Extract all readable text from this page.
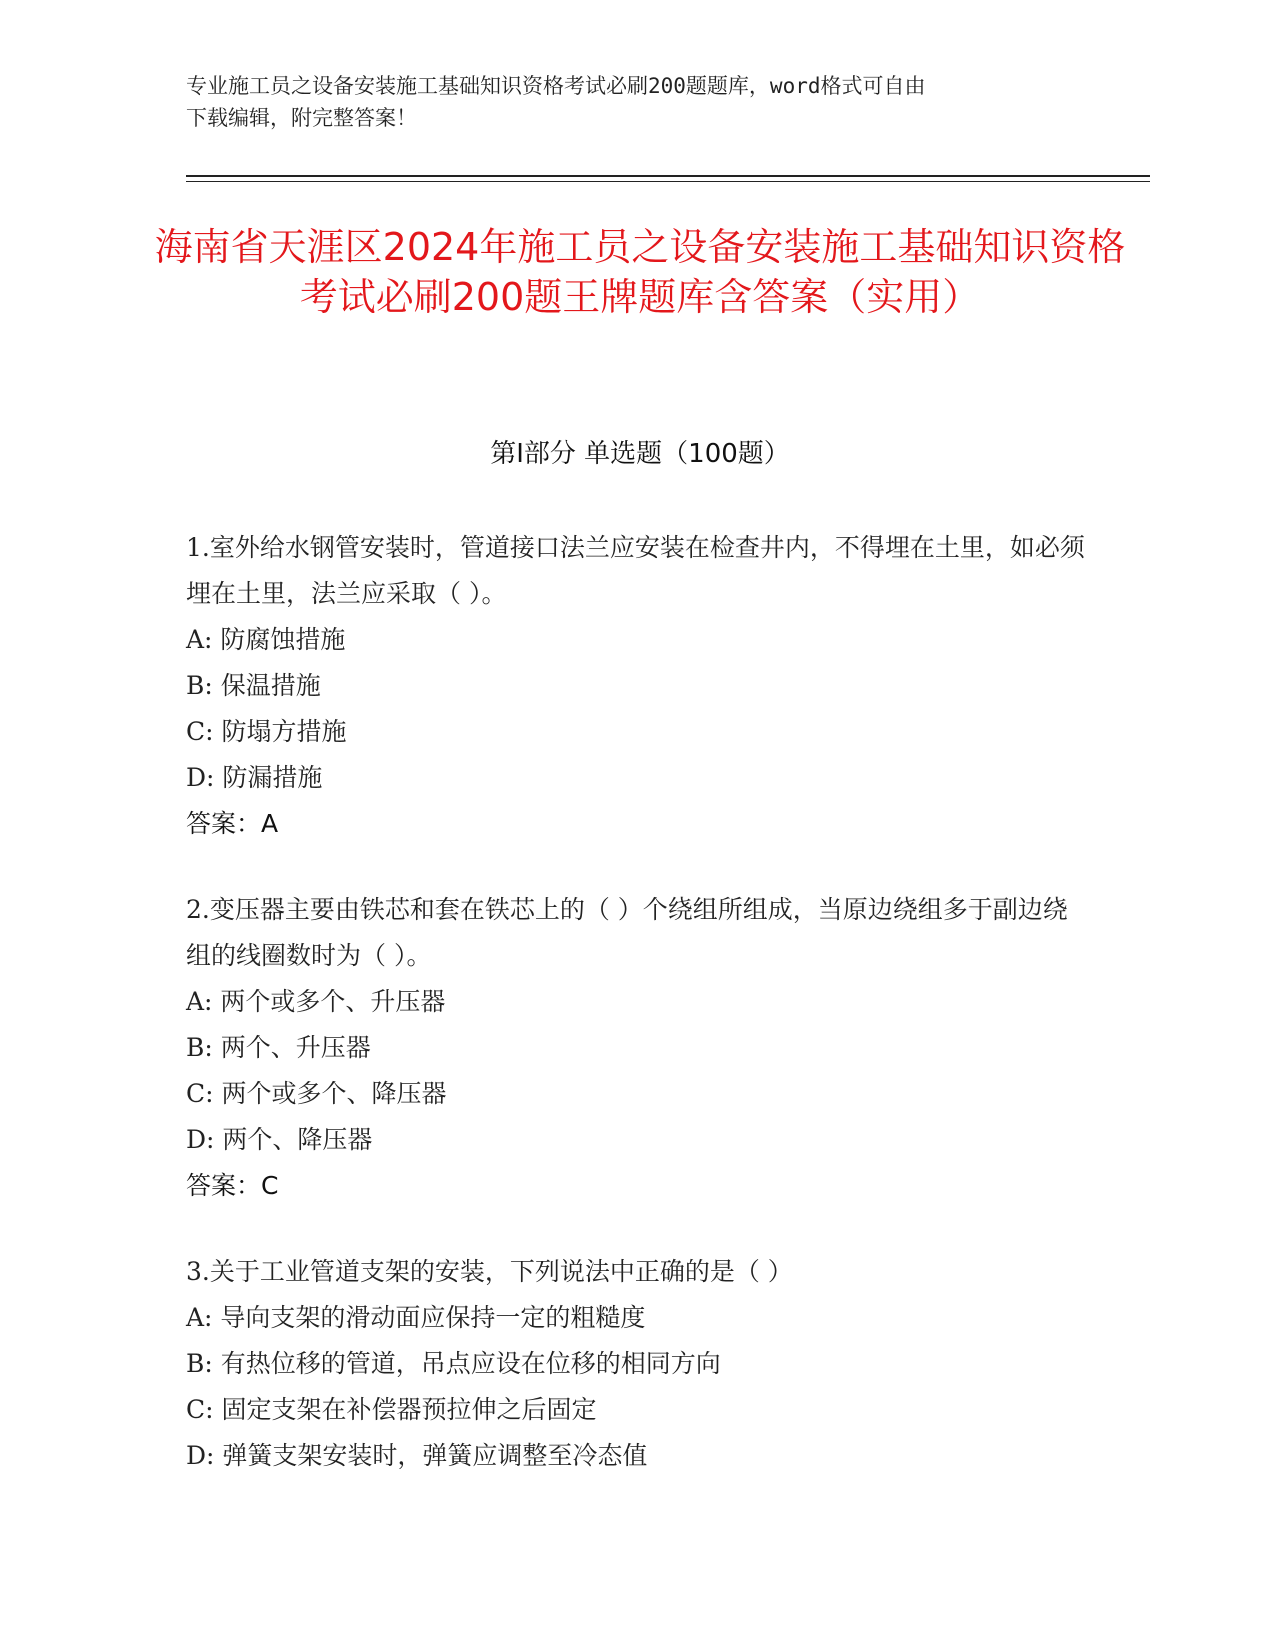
专业施工员之设备安装施工基础知识资格考试必刷200题题库，word格式可自由
下载编辑，附完整答案！
海南省天涯区2024年施工员之设备安装施工基础知识资格考试必刷200题王牌题库含答案（实用）
第I部分 单选题（100题）

1.室外给水钢管安装时，管道接口法兰应安装在检查井内，不得埋在土里，如必须埋在土里，法兰应采取（ ）。

A: 防腐蚀措施

B: 保温措施

C: 防塌方措施

D: 防漏措施

答案：A

2.变压器主要由铁芯和套在铁芯上的（ ）个绕组所组成，当原边绕组多于副边绕组的线圈数时为（ ）。

A: 两个或多个、升压器

B: 两个、升压器

C: 两个或多个、降压器

D: 两个、降压器

答案：C

3.关于工业管道支架的安装，下列说法中正确的是（ ）

A: 导向支架的滑动面应保持一定的粗糙度

B: 有热位移的管道，吊点应设在位移的相同方向

C: 固定支架在补偿器预拉伸之后固定

D: 弹簧支架安装时，弹簧应调整至冷态值
